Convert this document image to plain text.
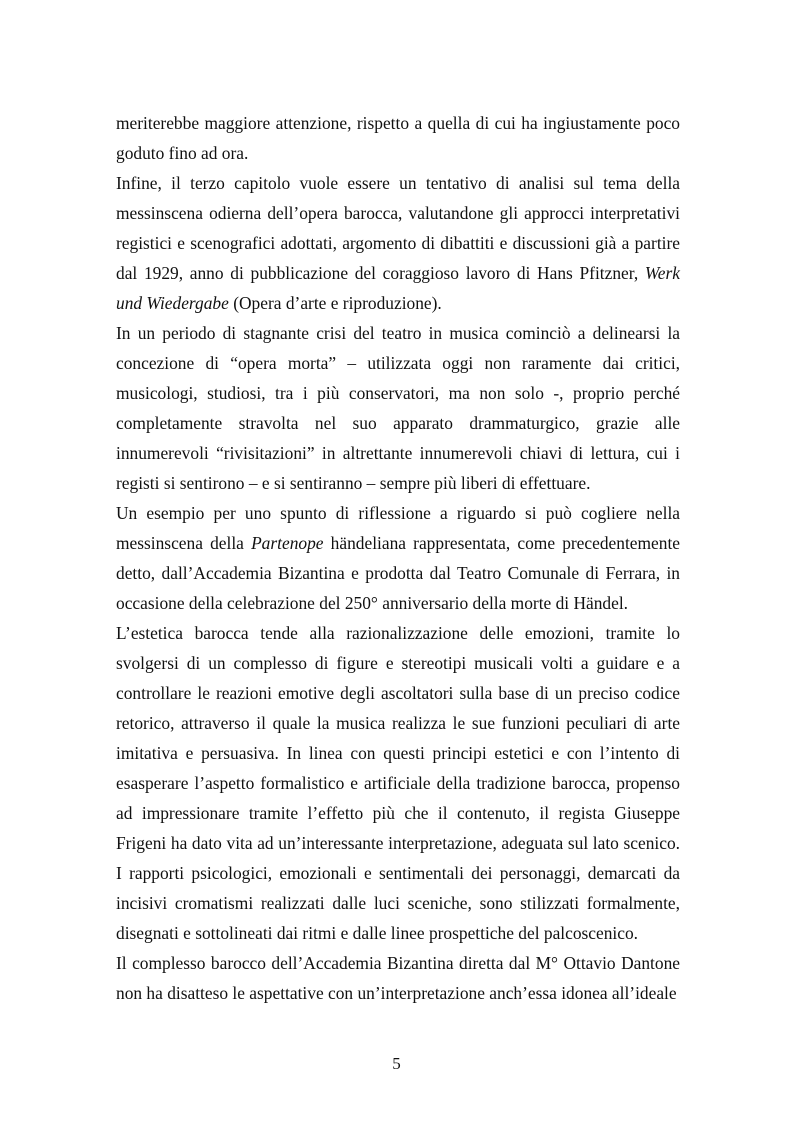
meriterebbe maggiore attenzione, rispetto a quella di cui ha ingiustamente poco goduto fino ad ora.

Infine, il terzo capitolo vuole essere un tentativo di analisi sul tema della messinscena odierna dell’opera barocca, valutandone gli approcci interpretativi registici e scenografici adottati, argomento di dibattiti e discussioni già a partire dal 1929, anno di pubblicazione del coraggioso lavoro di Hans Pfitzner, Werk und Wiedergabe (Opera d’arte e riproduzione).

In un periodo di stagnante crisi del teatro in musica cominciò a delinearsi la concezione di “opera morta” – utilizzata oggi non raramente dai critici, musicologi, studiosi, tra i più conservatori, ma non solo -, proprio perché completamente stravolta nel suo apparato drammaturgico, grazie alle innumerevoli “rivisitazioni” in altrettante innumerevoli chiavi di lettura, cui i registi si sentirono – e si sentiranno – sempre più liberi di effettuare.

Un esempio per uno spunto di riflessione a riguardo si può cogliere nella messinscena della Partenope händeliana rappresentata, come precedentemente detto, dall’Accademia Bizantina e prodotta dal Teatro Comunale di Ferrara, in occasione della celebrazione del 250° anniversario della morte di Händel.

L’estetica barocca tende alla razionalizzazione delle emozioni, tramite lo svolgersi di un complesso di figure e stereotipi musicali volti a guidare e a controllare le reazioni emotive degli ascoltatori sulla base di un preciso codice retorico, attraverso il quale la musica realizza le sue funzioni peculiari di arte imitativa e persuasiva. In linea con questi principi estetici e con l’intento di esasperare l’aspetto formalistico e artificiale della tradizione barocca, propenso ad impressionare tramite l’effetto più che il contenuto, il regista Giuseppe Frigeni ha dato vita ad un’interessante interpretazione, adeguata sul lato scenico. I rapporti psicologici, emozionali e sentimentali dei personaggi, demarcati da incisivi cromatismi realizzati dalle luci sceniche, sono stilizzati formalmente, disegnati e sottolineati dai ritmi e dalle linee prospettiche del palcoscenico.

Il complesso barocco dell’Accademia Bizantina diretta dal M° Ottavio Dantone non ha disatteso le aspettative con un’interpretazione anch’essa idonea all’ideale

5
